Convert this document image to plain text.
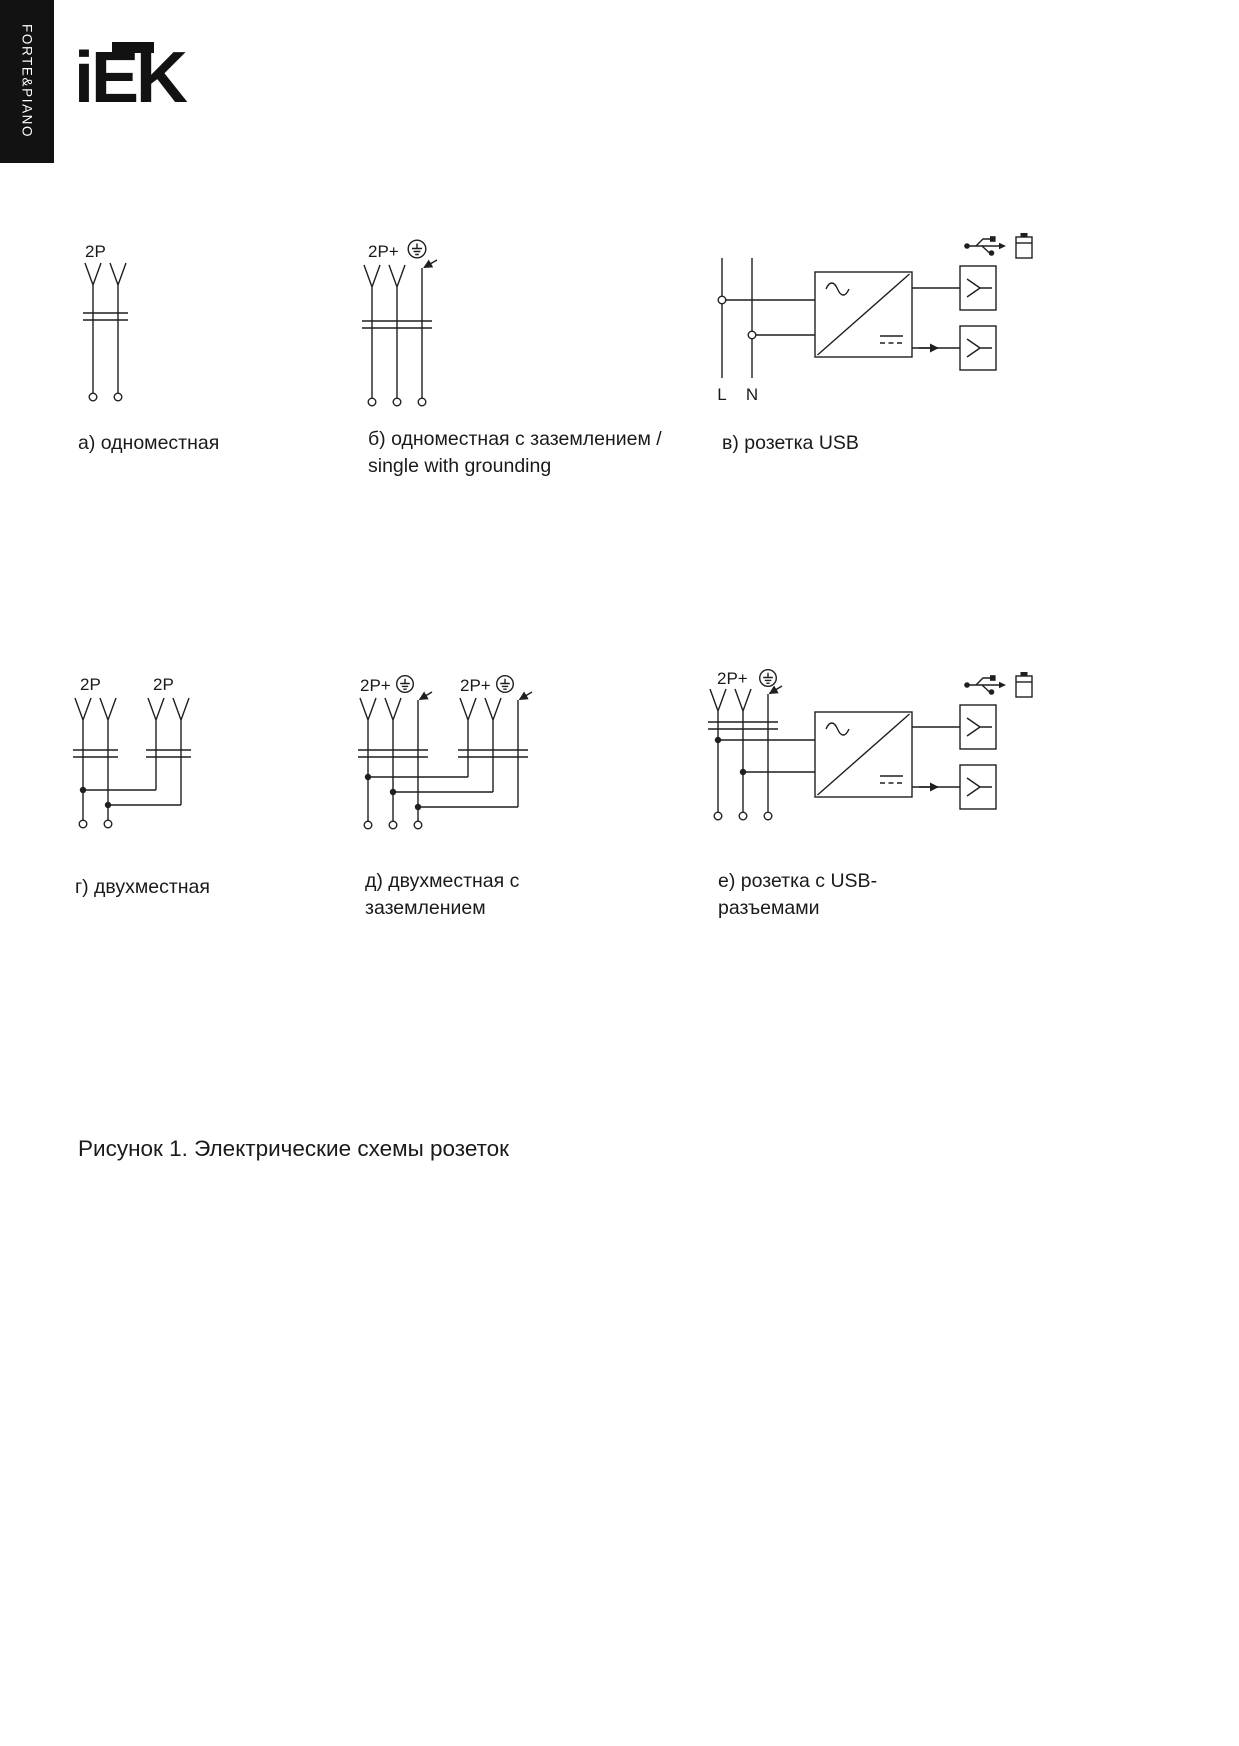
FORTE&PIANO iEK
2P	2P+
L N
2P	2P	2P+	2P+	2P+
а) одноместная	б) одноместная с заземлением /
single with grounding
в) розетка USB
г) двухместная	д) двухместная с
заземлением
е) розетка с USB-
разъемами
Рисунок 1. Электрические схемы розеток
